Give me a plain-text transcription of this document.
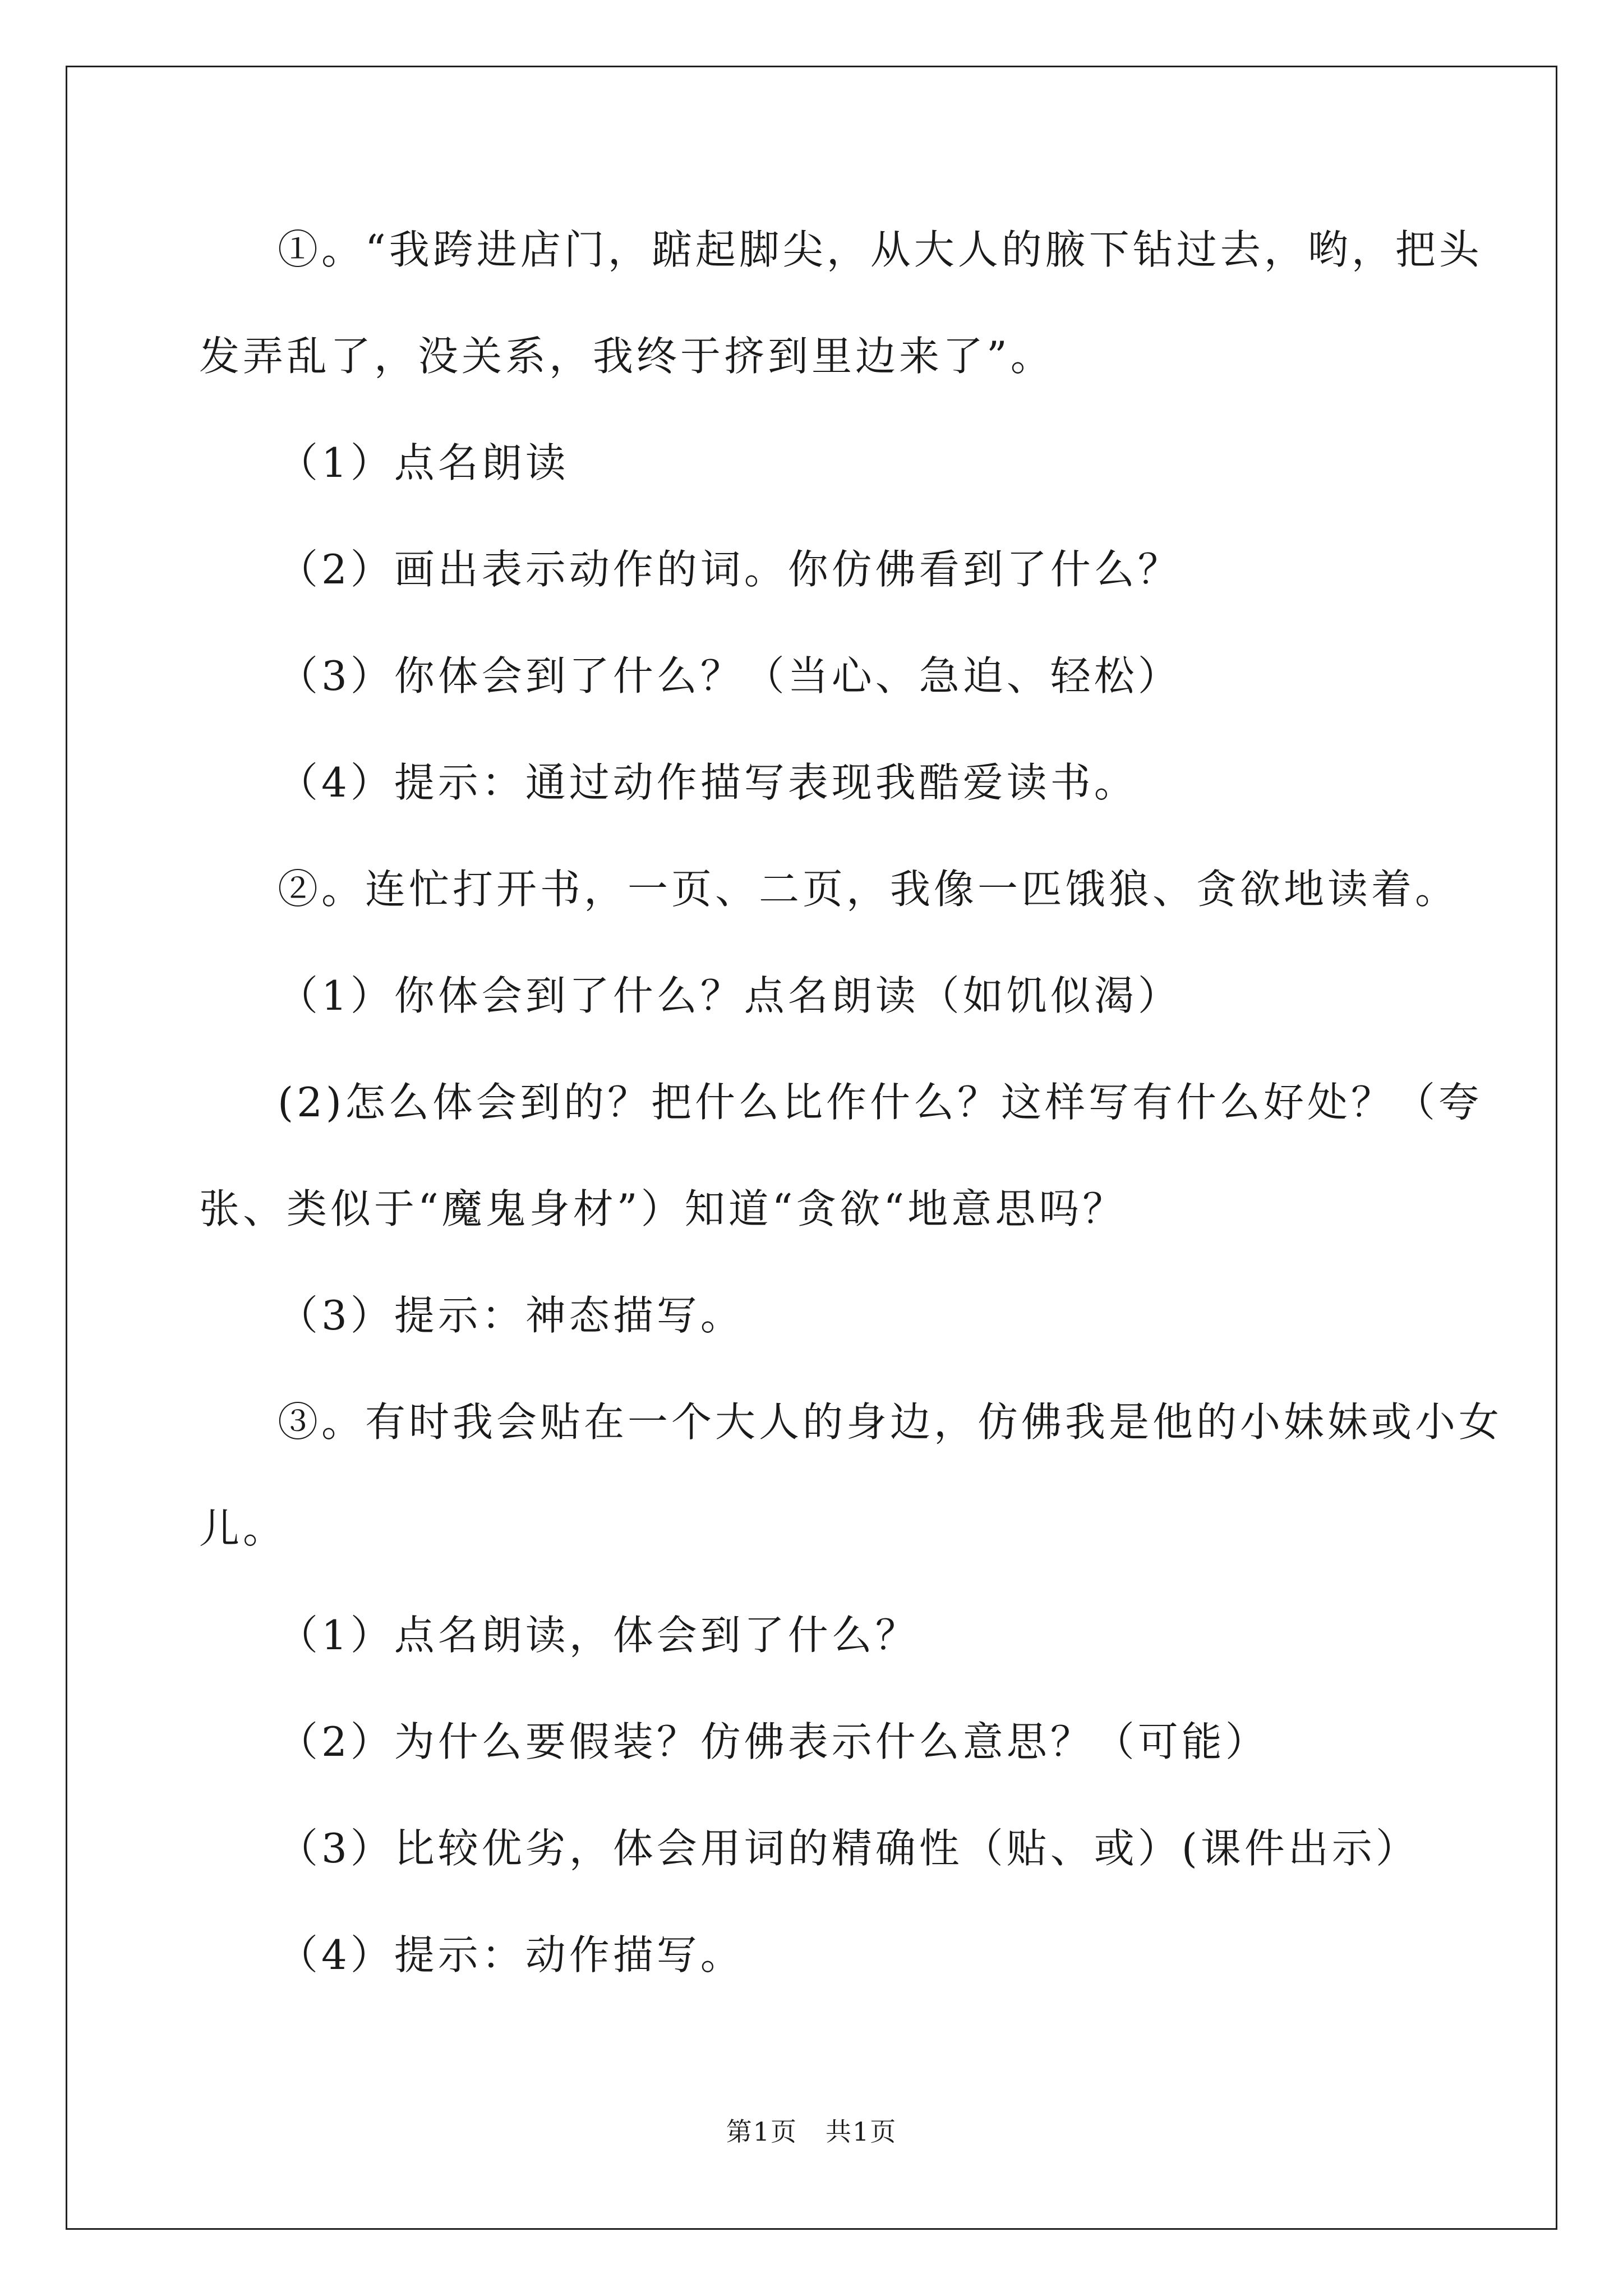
①。“我跨进店门，踮起脚尖，从大人的腋下钻过去，哟，把头
发弄乱了，没关系，我终于挤到里边来了”。
（1）点名朗读
（2）画出表示动作的词。你仿佛看到了什么？
（3）你体会到了什么？（当心、急迫、轻松）
（4）提示：通过动作描写表现我酷爱读书。
②。连忙打开书，一页、二页，我像一匹饿狼、贪欲地读着。
（1）你体会到了什么？点名朗读（如饥似渴）
(2)怎么体会到的？把什么比作什么？这样写有什么好处？（夸
张、类似于“魔鬼身材”）知道“贪欲“地意思吗？
（3）提示：神态描写。
③。有时我会贴在一个大人的身边，仿佛我是他的小妹妹或小女
儿。
（1）点名朗读，体会到了什么？
（2）为什么要假装？仿佛表示什么意思？（可能）
（3）比较优劣，体会用词的精确性（贴、或）(课件出示）
（4）提示：动作描写。
第1页 共1页
